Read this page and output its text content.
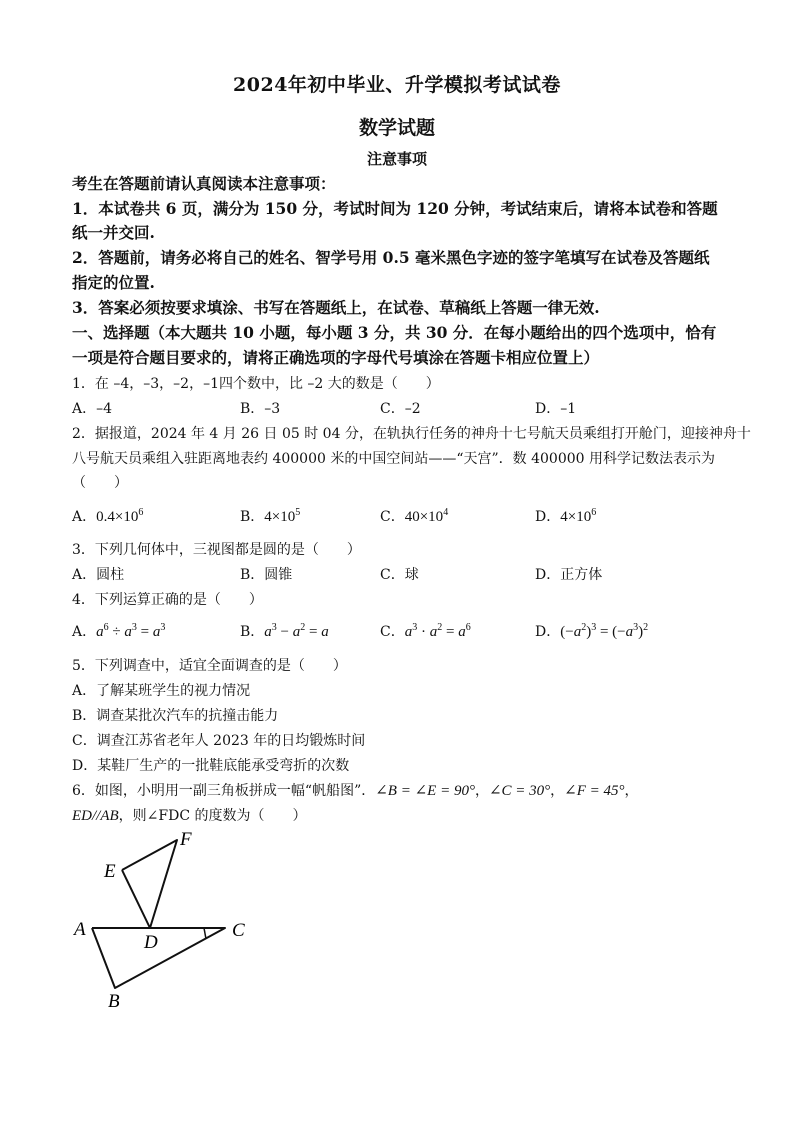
2024年初中毕业、升学模拟考试试卷
数学试题
注意事项
考生在答题前请认真阅读本注意事项：
1．本试卷共 6 页，满分为 150 分，考试时间为 120 分钟，考试结束后，请将本试卷和答题
纸一并交回.
2．答题前，请务必将自己的姓名、智学号用 0.5 毫米黑色字迹的签字笔填写在试卷及答题纸
指定的位置.
3．答案必须按要求填涂、书写在答题纸上，在试卷、草稿纸上答题一律无效.
一、选择题（本大题共 10 小题，每小题 3 分，共 30 分．在每小题给出的四个选项中，恰有
一项是符合题目要求的，请将正确选项的字母代号填涂在答题卡相应位置上）
1．在 –4，–3，–2，–1四个数中，比 –2 大的数是（　　）
A．–4	B．–3	C．–2	D．–1
2．据报道，2024 年 4 月 26 日 05 时 04 分，在轨执行任务的神舟十七号航天员乘组打开舱门，迎接神舟十
八号航天员乘组入驻距离地表约 400000 米的中国空间站——“天宫”．数 400000 用科学记数法表示为
（　　）
A．$0.4\times 10^6$	B．$4\times 10^5$	C．$40\times 10^4$	D．$4\times 10^6$
3．下列几何体中，三视图都是圆的是（　　）
A．圆柱	B．圆锥	C．球	D．正方体
4．下列运算正确的是（　　）
A．$a^6 \div a^3 = a^3$	B．$a^3 - a^2 = a$	C．$a^3 \cdot a^2 = a^6$	D．$(-a^2)^3 = (-a^3)^2$
5．下列调查中，适宜全面调查的是（　　）
A．了解某班学生的视力情况
B．调查某批次汽车的抗撞击能力
C．调查江苏省老年人 2023 年的日均锻炼时间
D．某鞋厂生产的一批鞋底能承受弯折的次数
6．如图，小明用一副三角板拼成一幅“帆船图”．∠B = ∠E = 90°，∠C = 30°，∠F = 45°，
ED//AB，则∠FDC 的度数为（　　）
A
B
C
D
E
F
